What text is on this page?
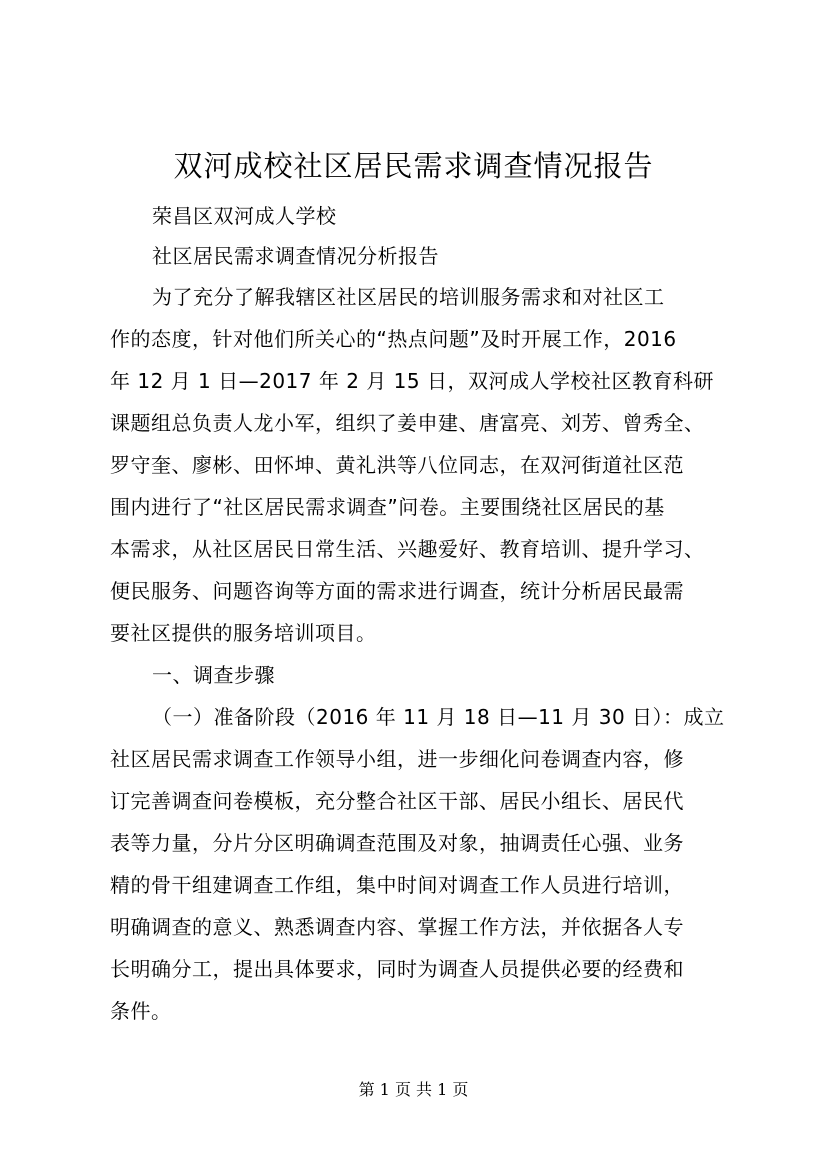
双河成校社区居民需求调查情况报告
荣昌区双河成人学校
社区居民需求调查情况分析报告
为了充分了解我辖区社区居民的培训服务需求和对社区工
作的态度，针对他们所关心的“热点问题”及时开展工作，2016
年 12 月 1 日—2017 年 2 月 15 日，双河成人学校社区教育科研
课题组总负责人龙小军，组织了姜申建、唐富亮、刘芳、曾秀全、
罗守奎、廖彬、田怀坤、黄礼洪等八位同志，在双河街道社区范
围内进行了“社区居民需求调查”问卷。主要围绕社区居民的基
本需求，从社区居民日常生活、兴趣爱好、教育培训、提升学习、
便民服务、问题咨询等方面的需求进行调查，统计分析居民最需
要社区提供的服务培训项目。
一、调查步骤
（一）准备阶段（2016 年 11 月 18 日—11 月 30 日）：成立
社区居民需求调查工作领导小组，进一步细化问卷调查内容，修
订完善调查问卷模板，充分整合社区干部、居民小组长、居民代
表等力量，分片分区明确调查范围及对象，抽调责任心强、业务
精的骨干组建调查工作组，集中时间对调查工作人员进行培训，
明确调查的意义、熟悉调查内容、掌握工作方法，并依据各人专
长明确分工，提出具体要求，同时为调查人员提供必要的经费和
条件。
第 1 页 共 1 页
